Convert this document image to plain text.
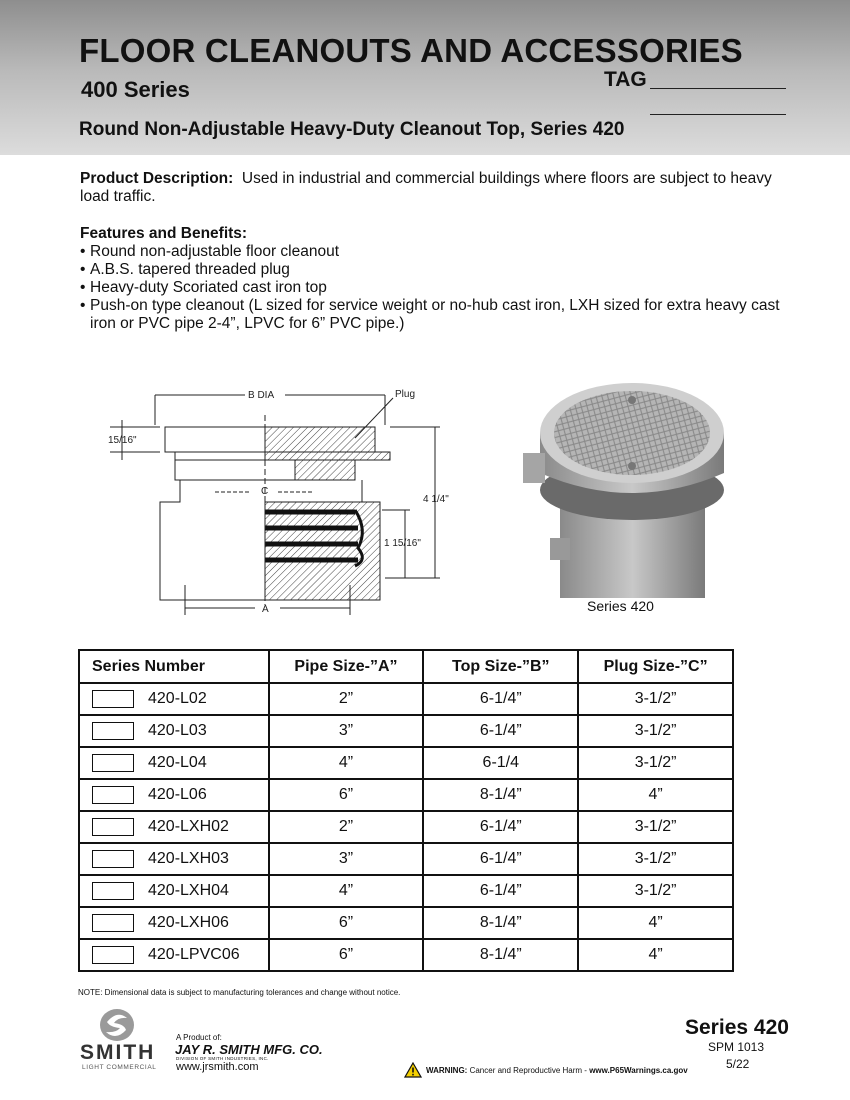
FLOOR CLEANOUTS AND ACCESSORIES
400 Series	TAG
Round Non-Adjustable Heavy-Duty Cleanout Top, Series 420
Product Description: Used in industrial and commercial buildings where floors are subject to heavy load traffic.
Features and Benefits:
• Round non-adjustable floor cleanout
• A.B.S. tapered threaded plug
• Heavy-duty Scoriated cast iron top
• Push-on type cleanout (L sized for service weight or no-hub cast iron, LXH sized for extra heavy cast iron or PVC pipe 2-4”, LPVC for 6” PVC pipe.)
B DIA	Plug
15/16"
C
4 1/4"
1 15/16"
A	Series 420
Series Number	Pipe Size-”A”	Top Size-”B”	Plug Size-”C”
420-L02	2”	6-1/4”	3-1/2”
420-L03	3”	6-1/4”	3-1/2”
420-L04	4”	6-1/4	3-1/2”
420-L06	6”	8-1/4”	4”
420-LXH02	2”	6-1/4”	3-1/2”
420-LXH03	3”	6-1/4”	3-1/2”
420-LXH04	4”	6-1/4”	3-1/2”
420-LXH06	6”	8-1/4”	4”
420-LPVC06	6”	8-1/4”	4”
NOTE: Dimensional data is subject to manufacturing tolerances and change without notice.
SMITH
LIGHT COMMERCIAL
A Product of:
JAY R. SMITH MFG. CO.
DIVISION OF SMITH INDUSTRIES, INC.
www.jrsmith.com	WARNING: Cancer and Reproductive Harm - www.P65Warnings.ca.gov
Series 420
SPM 1013
5/22
